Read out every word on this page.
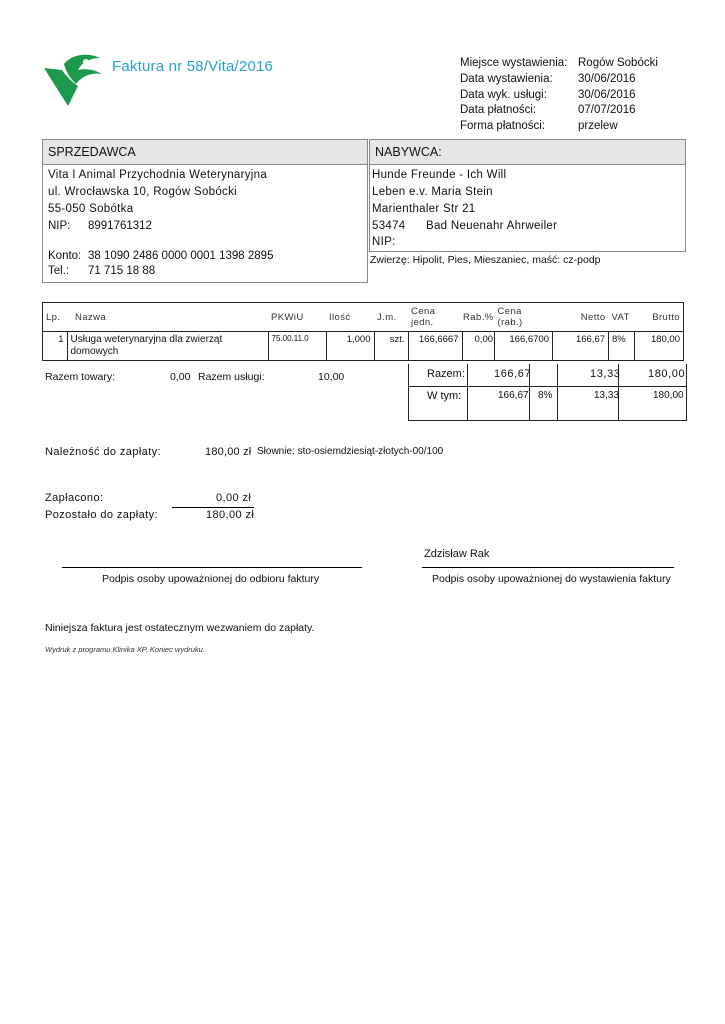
Faktura nr 58/Vita/2016	Miejsce wystawienia: Rogów Sobócki
Data wystawienia:	30/06/2016
Data wyk. usługi:	30/06/2016
Data płatności:	07/07/2016
Forma płatności:	przelew
SPRZEDAWCA
Vita I Animal Przychodnia Weterynaryjna
ul. Wrocławska 10, Rogów Sobócki
55-050 Sobótka
NIP:	8991761312
Konto: 38 1090 2486 0000 0001 1398 2895
Tel.:	71 715 18 88
NABYWCA:
Hunde Freunde - Ich Will
Leben e.v. Maria Stein
Marienthaler Str 21
53474 Bad Neuenahr Ahrweiler
NIP:
Zwierzę: Hipolit, Pies, Mieszaniec, maść: cz-podp
Lp.	Nazwa	PKWiU	Ilość	J.m.	Cena jedn.	Rab.%	Cena (rab.)	Netto	VAT	Brutto
1	Usługa weterynaryjna dla zwierząt domowych	75.00.11.0	1,000	szt.	166,6667	0,00	166,6700	166,67	8%	180,00
Razem towary:	0,00 Razem usługi:	10,00	Razem:	166,67	13,33 180,00
W tym:	166,67 8%	13,33	180,00
Należność do zapłaty:	180,00 zł Słownie: sto-osiemdziesiąt-złotych-00/100
Zapłacono:	0,00 zł
Pozostało do zapłaty:	180,00 zł
Zdzisław Rak
Podpis osoby upoważnionej do odbioru faktury	Podpis osoby upoważnionej do wystawienia faktury
Niniejsza faktura jest ostatecznym wezwaniem do zapłaty.
Wydruk z programu Klinika XP. Koniec wydruku.
